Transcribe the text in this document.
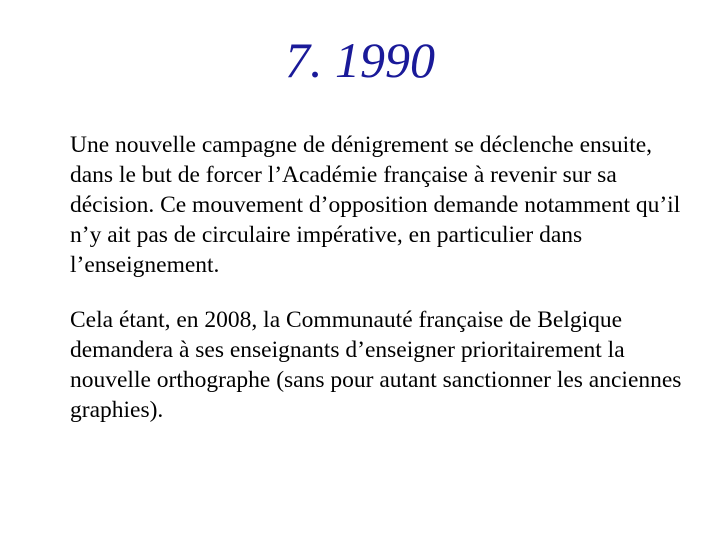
7. 1990

Une nouvelle campagne de dénigrement se déclenche ensuite, dans le but de forcer l’Académie française à revenir sur sa décision. Ce mouvement d’opposition demande notamment qu’il n’y ait pas de circulaire impérative, en particulier dans l’enseignement.

Cela étant, en 2008, la Communauté française de Belgique demandera à ses enseignants d’enseigner prioritairement la nouvelle orthographe (sans pour autant sanctionner les anciennes graphies).
